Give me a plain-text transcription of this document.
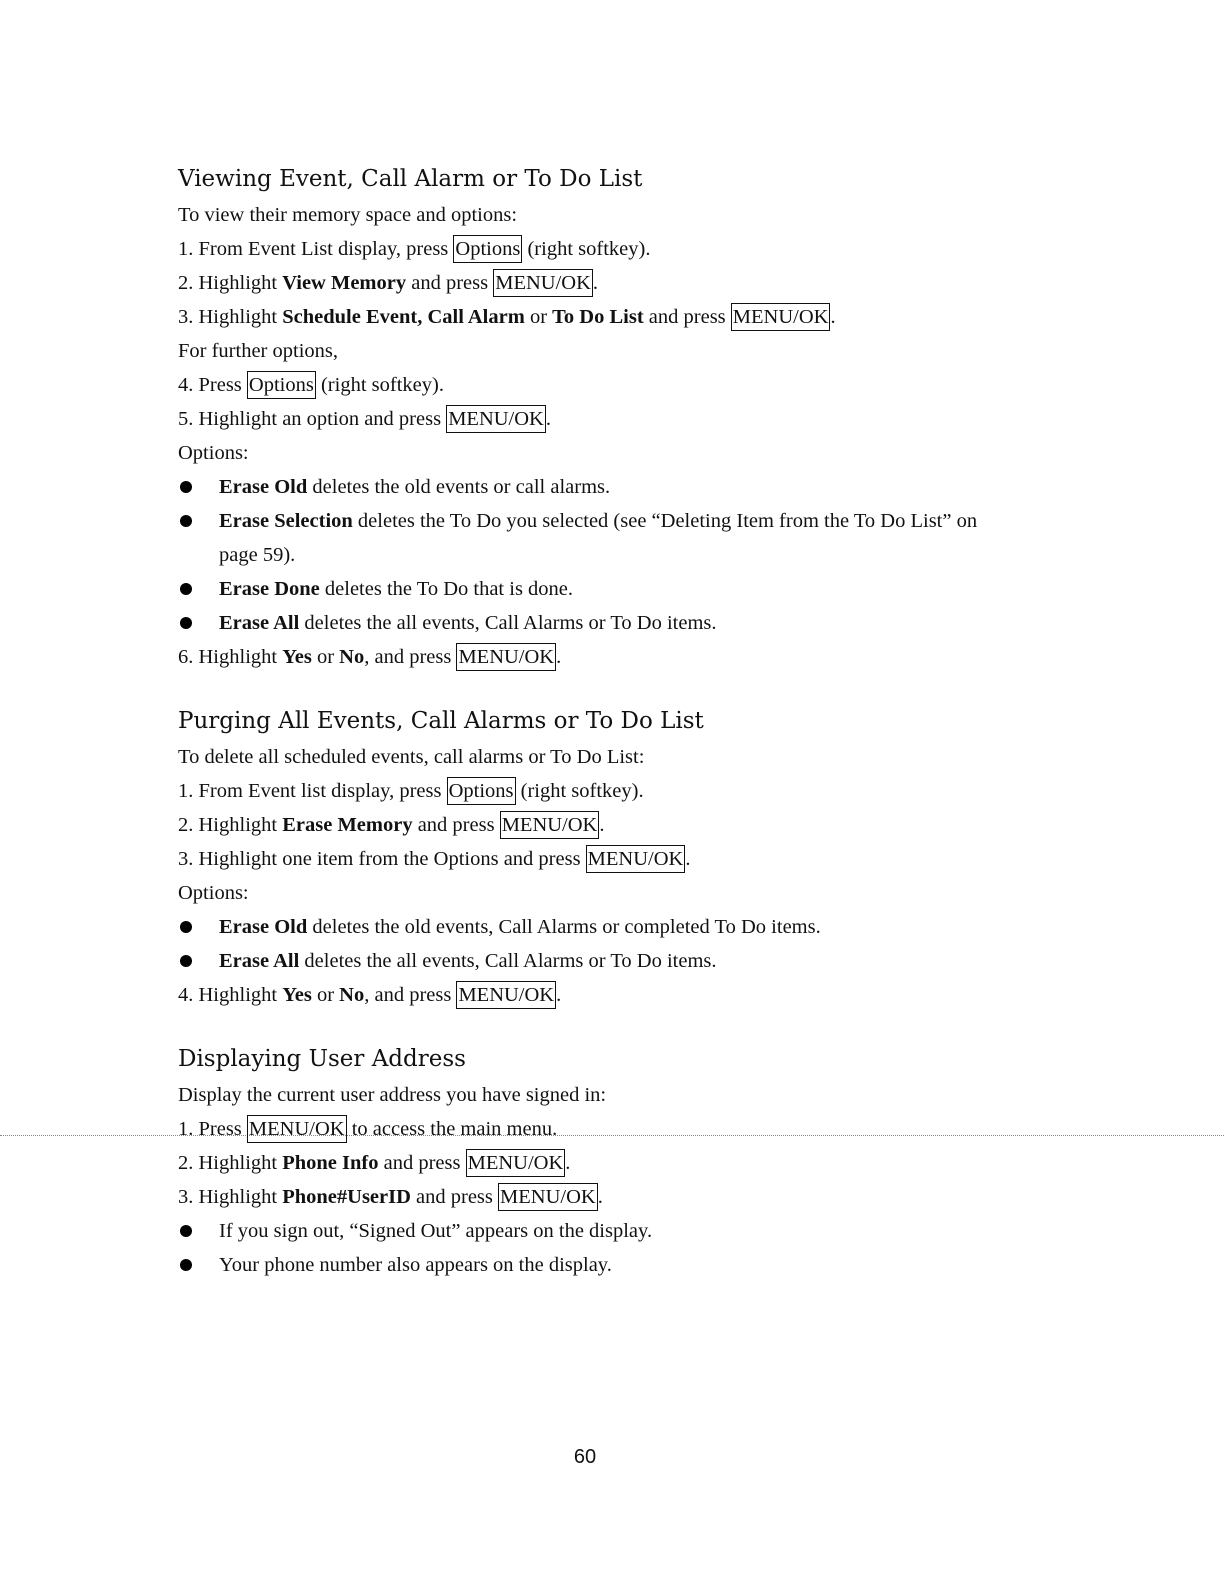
Viewing Event, Call Alarm or To Do List
To view their memory space and options:
1. From Event List display, press Options (right softkey).
2. Highlight View Memory and press MENU/OK.
3. Highlight Schedule Event, Call Alarm or To Do List and press MENU/OK.
For further options,
4. Press Options (right softkey).
5. Highlight an option and press MENU/OK.
Options:
Erase Old deletes the old events or call alarms.
Erase Selection deletes the To Do you selected (see “Deleting Item from the To Do List” on page 59).
Erase Done deletes the To Do that is done.
Erase All deletes the all events, Call Alarms or To Do items.
6. Highlight Yes or No, and press MENU/OK.
Purging All Events, Call Alarms or To Do List
To delete all scheduled events, call alarms or To Do List:
1. From Event list display, press Options (right softkey).
2. Highlight Erase Memory and press MENU/OK.
3. Highlight one item from the Options and press MENU/OK.
Options:
Erase Old deletes the old events, Call Alarms or completed To Do items.
Erase All deletes the all events, Call Alarms or To Do items.
4. Highlight Yes or No, and press MENU/OK.
Displaying User Address
Display the current user address you have signed in:
1. Press MENU/OK to access the main menu.
2. Highlight Phone Info and press MENU/OK.
3. Highlight Phone#UserID and press MENU/OK.
If you sign out, “Signed Out” appears on the display.
Your phone number also appears on the display.
60
